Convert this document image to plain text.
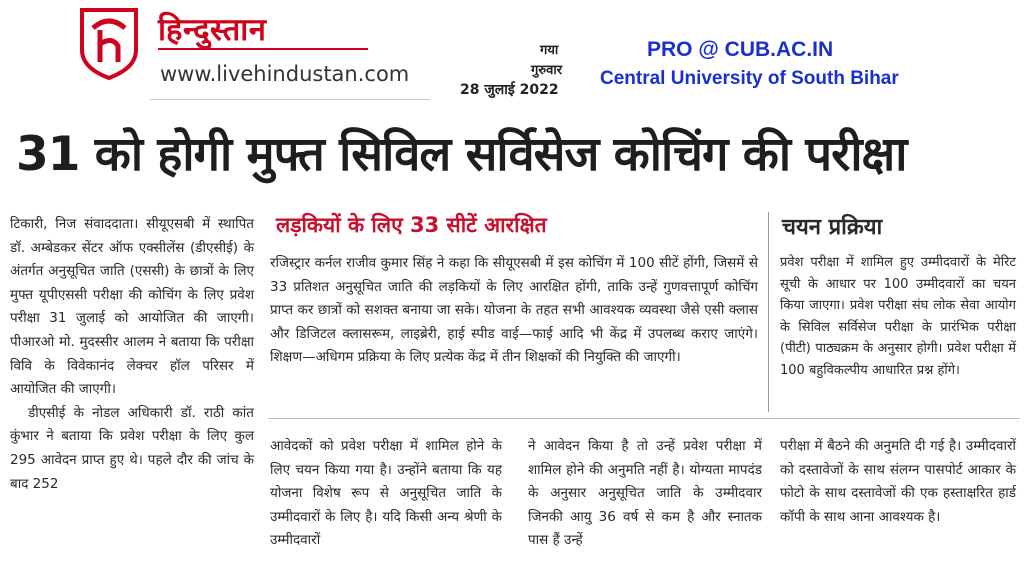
हिन्दुस्तान
www.livehindustan.com
गया
गुरुवार
28 जुलाई 2022
PRO @ CUB.AC.IN
Central University of South Bihar
31 को होगी मुफ्त सिविल सर्विसेज कोचिंग की परीक्षा

टिकारी, निज संवाददाता। सीयूएसबी में स्थापित डॉ. अम्बेडकर सेंटर ऑफ एक्सीलेंस (डीएसीई) के अंतर्गत अनुसूचित जाति (एससी) के छात्रों के लिए मुफ्त यूपीएससी परीक्षा की कोचिंग के लिए प्रवेश परीक्षा 31 जुलाई को आयोजित की जाएगी। पीआरओ मो. मुदस्सीर आलम ने बताया कि परीक्षा विवि के विवेकानंद लेक्चर हॉल परिसर में आयोजित की जाएगी।

डीएसीई के नोडल अधिकारी डॉ. राठी कांत कुंभार ने बताया कि प्रवेश परीक्षा के लिए कुल 295 आवेदन प्राप्त हुए थे। पहले दौर की जांच के बाद 252

लड़कियों के लिए 33 सीटें आरक्षित

रजिस्ट्रार कर्नल राजीव कुमार सिंह ने कहा कि सीयूएसबी में इस कोचिंग में 100 सीटें होंगी, जिसमें से 33 प्रतिशत अनुसूचित जाति की लड़कियों के लिए आरक्षित होंगी, ताकि उन्हें गुणवत्तापूर्ण कोचिंग प्राप्त कर छात्रों को सशक्त बनाया जा सके। योजना के तहत सभी आवश्यक व्यवस्था जैसे एसी क्लास और डिजिटल क्लासरूम, लाइब्रेरी, हाई स्पीड वाई—फाई आदि भी केंद्र में उपलब्ध कराए जाएंगे। शिक्षण—अधिगम प्रक्रिया के लिए प्रत्येक केंद्र में तीन शिक्षकों की नियुक्ति की जाएगी।

चयन प्रक्रिया

प्रवेश परीक्षा में शामिल हुए उम्मीदवारों के मेरिट सूची के आधार पर 100 उम्मीदवारों का चयन किया जाएगा। प्रवेश परीक्षा संघ लोक सेवा आयोग के सिविल सर्विसेज परीक्षा के प्रारंभिक परीक्षा (पीटी) पाठ्यक्रम के अनुसार होगी। प्रवेश परीक्षा में 100 बहुविकल्पीय आधारित प्रश्न होंगे।

आवेदकों को प्रवेश परीक्षा में शामिल होने के लिए चयन किया गया है। उन्होंने बताया कि यह योजना विशेष रूप से अनुसूचित जाति के उम्मीदवारों के लिए है। यदि किसी अन्य श्रेणी के उम्मीदवारों

ने आवेदन किया है तो उन्हें प्रवेश परीक्षा में शामिल होने की अनुमति नहीं है। योग्यता मापदंड के अनुसार अनुसूचित जाति के उम्मीदवार जिनकी आयु 36 वर्ष से कम है और स्नातक पास हैं उन्हें

परीक्षा में बैठने की अनुमति दी गई है। उम्मीदवारों को दस्तावेजों के साथ संलग्न पासपोर्ट आकार के फोटो के साथ दस्तावेजों की एक हस्ताक्षरित हार्ड कॉपी के साथ आना आवश्यक है।
